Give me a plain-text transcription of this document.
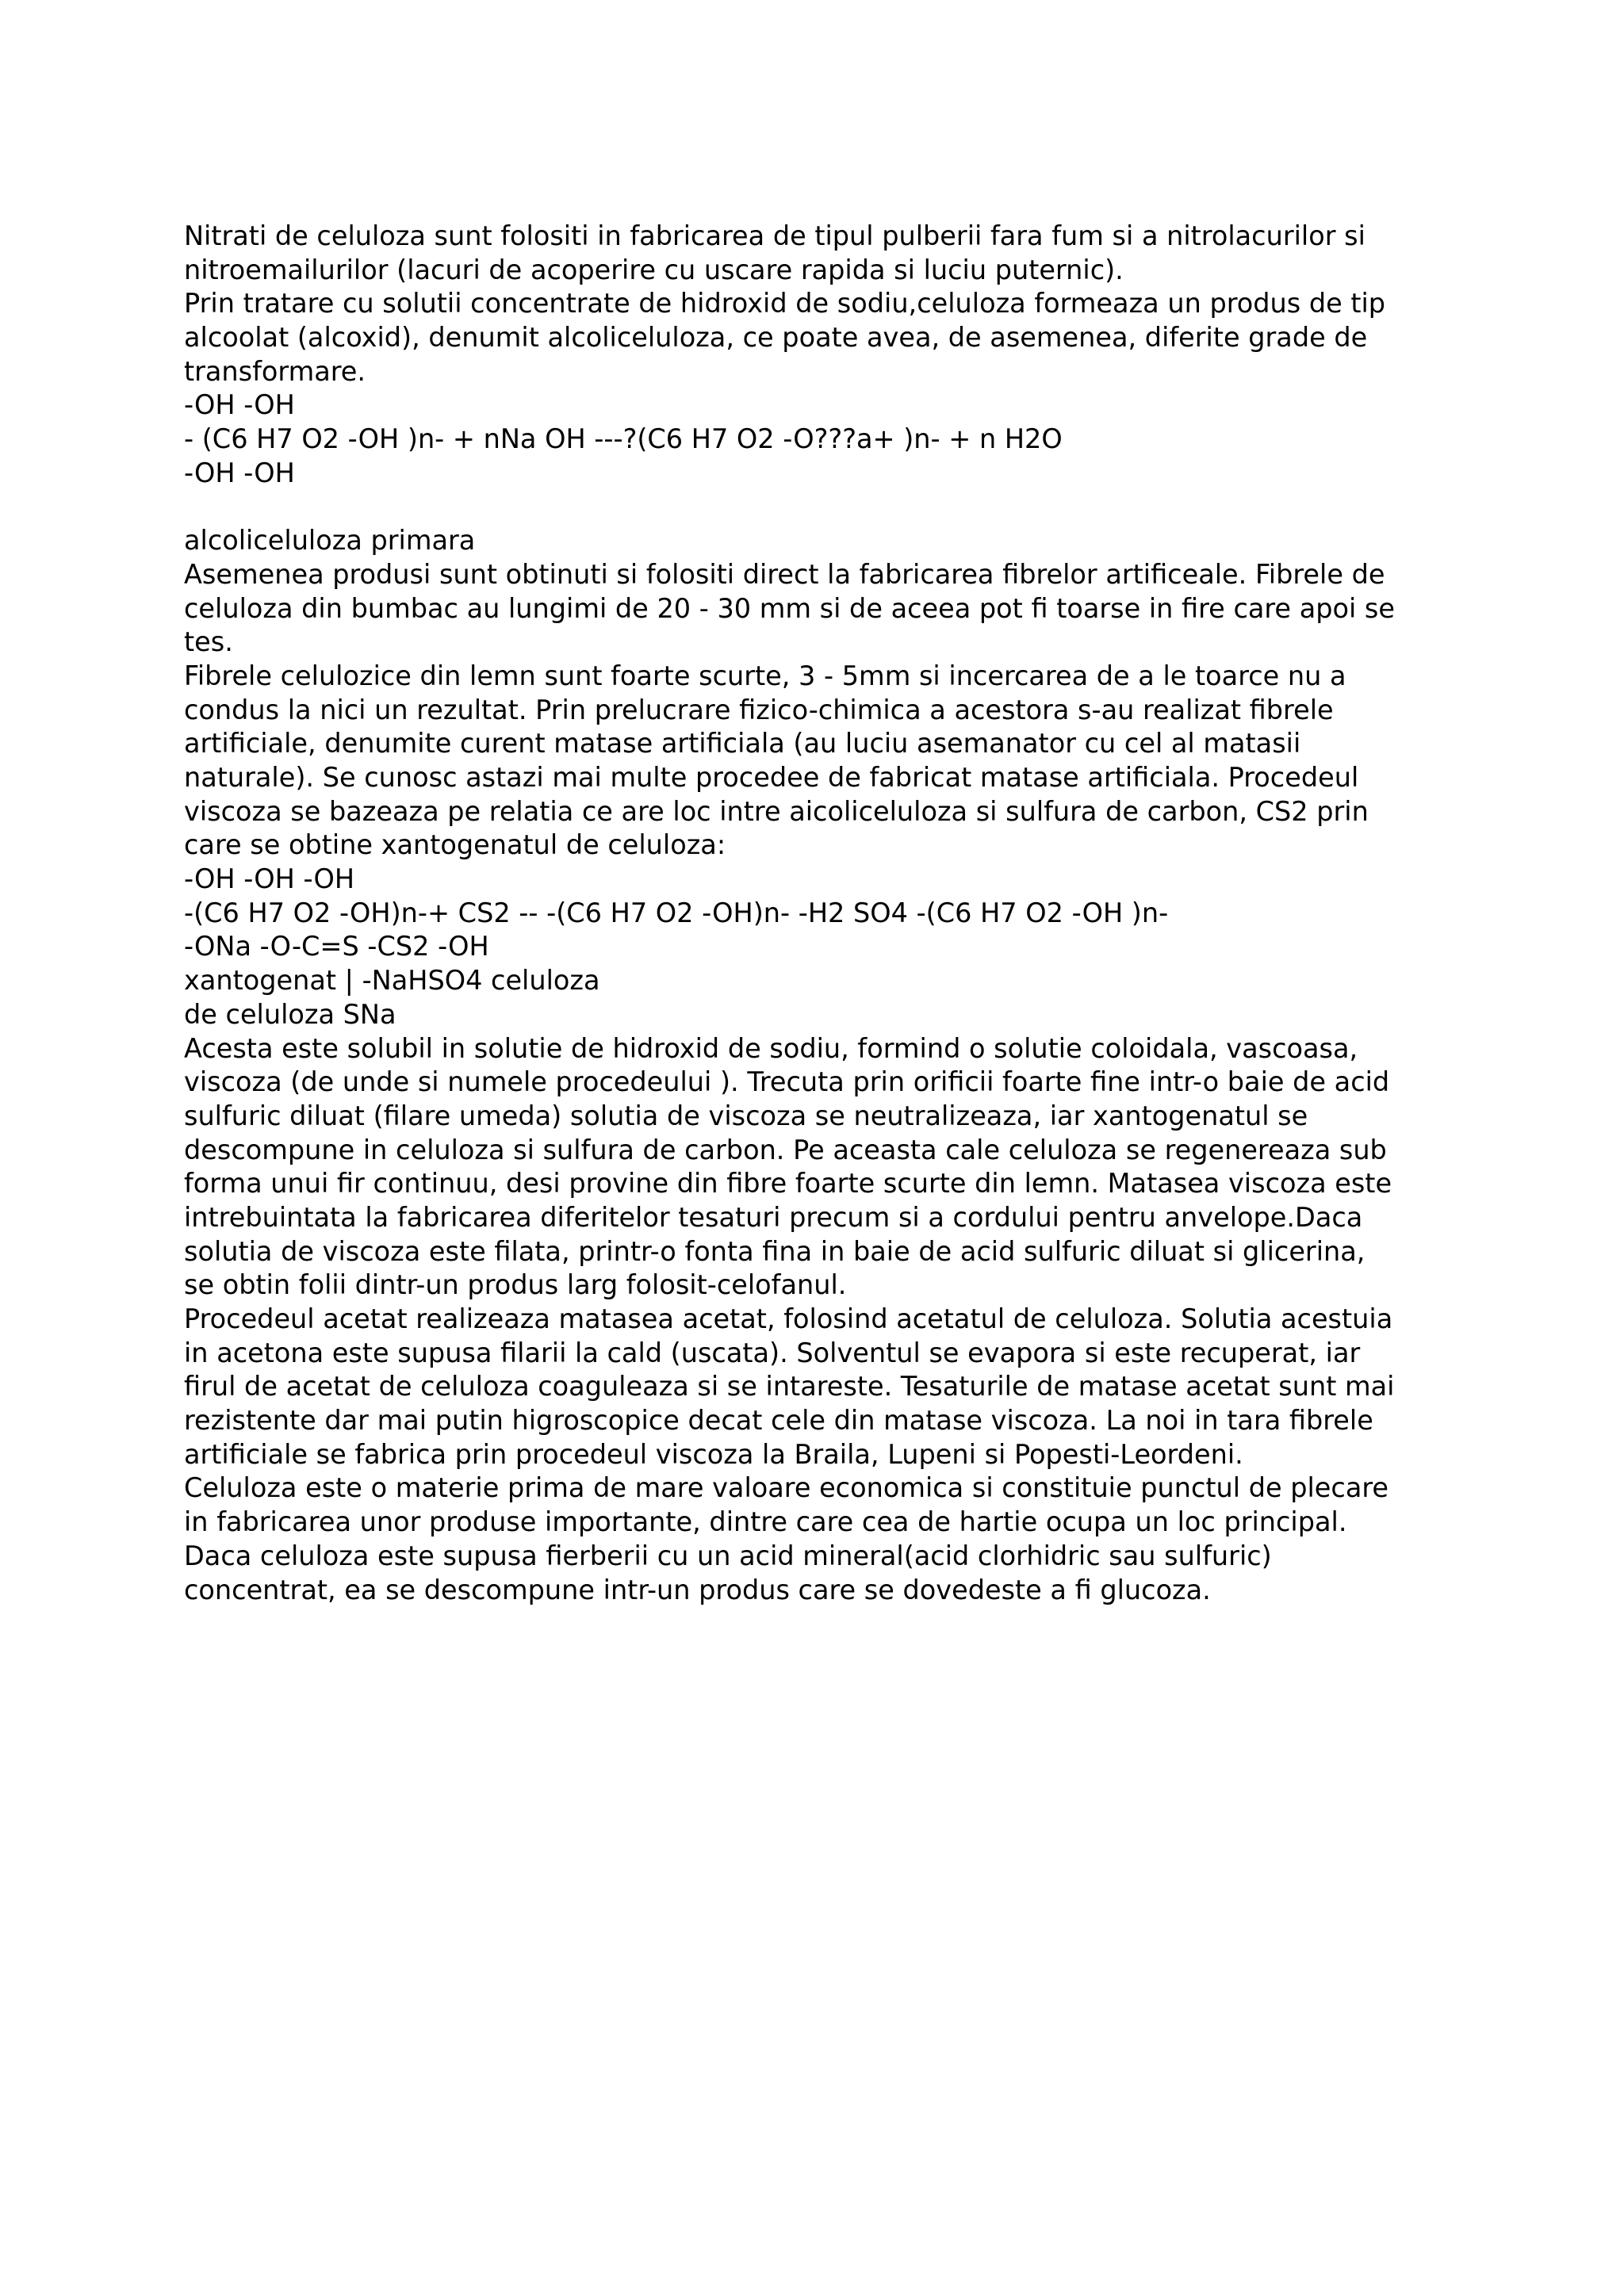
Nitrati de celuloza sunt folositi in fabricarea de tipul pulberii fara fum si a nitrolacurilor si
nitroemailurilor (lacuri de acoperire cu uscare rapida si luciu puternic).
Prin tratare cu solutii concentrate de hidroxid de sodiu,celuloza formeaza un produs de tip
alcoolat (alcoxid), denumit alcoliceluloza, ce poate avea, de asemenea, diferite grade de
transformare.
-OH -OH
- (C6 H7 O2 -OH )n- + nNa OH ---?(C6 H7 O2 -O???a+ )n- + n H2O
-OH -OH
alcoliceluloza primara
Asemenea produsi sunt obtinuti si folositi direct la fabricarea fibrelor artificeale. Fibrele de
celuloza din bumbac au lungimi de 20 - 30 mm si de aceea pot fi toarse in fire care apoi se
tes.
Fibrele celulozice din lemn sunt foarte scurte, 3 - 5mm si incercarea de a le toarce nu a
condus la nici un rezultat. Prin prelucrare fizico-chimica a acestora s-au realizat fibrele
artificiale, denumite curent matase artificiala (au luciu asemanator cu cel al matasii
naturale). Se cunosc astazi mai multe procedee de fabricat matase artificiala. Procedeul
viscoza se bazeaza pe relatia ce are loc intre aicoliceluloza si sulfura de carbon, CS2 prin
care se obtine xantogenatul de celuloza:
-OH -OH -OH
-(C6 H7 O2 -OH)n-+ CS2 -- -(C6 H7 O2 -OH)n- -H2 SO4 -(C6 H7 O2 -OH )n-
-ONa -O-C=S -CS2 -OH
xantogenat | -NaHSO4 celuloza
de celuloza SNa
Acesta este solubil in solutie de hidroxid de sodiu, formind o solutie coloidala, vascoasa,
viscoza (de unde si numele procedeului ). Trecuta prin orificii foarte fine intr-o baie de acid
sulfuric diluat (filare umeda) solutia de viscoza se neutralizeaza, iar xantogenatul se
descompune in celuloza si sulfura de carbon. Pe aceasta cale celuloza se regenereaza sub
forma unui fir continuu, desi provine din fibre foarte scurte din lemn. Matasea viscoza este
intrebuintata la fabricarea diferitelor tesaturi precum si a cordului pentru anvelope.Daca
solutia de viscoza este filata, printr-o fonta fina in baie de acid sulfuric diluat si glicerina,
se obtin folii dintr-un produs larg folosit-celofanul.
Procedeul acetat realizeaza matasea acetat, folosind acetatul de celuloza. Solutia acestuia
in acetona este supusa filarii la cald (uscata). Solventul se evapora si este recuperat, iar
firul de acetat de celuloza coaguleaza si se intareste. Tesaturile de matase acetat sunt mai
rezistente dar mai putin higroscopice decat cele din matase viscoza. La noi in tara fibrele
artificiale se fabrica prin procedeul viscoza la Braila, Lupeni si Popesti-Leordeni.
Celuloza este o materie prima de mare valoare economica si constituie punctul de plecare
in fabricarea unor produse importante, dintre care cea de hartie ocupa un loc principal.
Daca celuloza este supusa fierberii cu un acid mineral(acid clorhidric sau sulfuric)
concentrat, ea se descompune intr-un produs care se dovedeste a fi glucoza.
